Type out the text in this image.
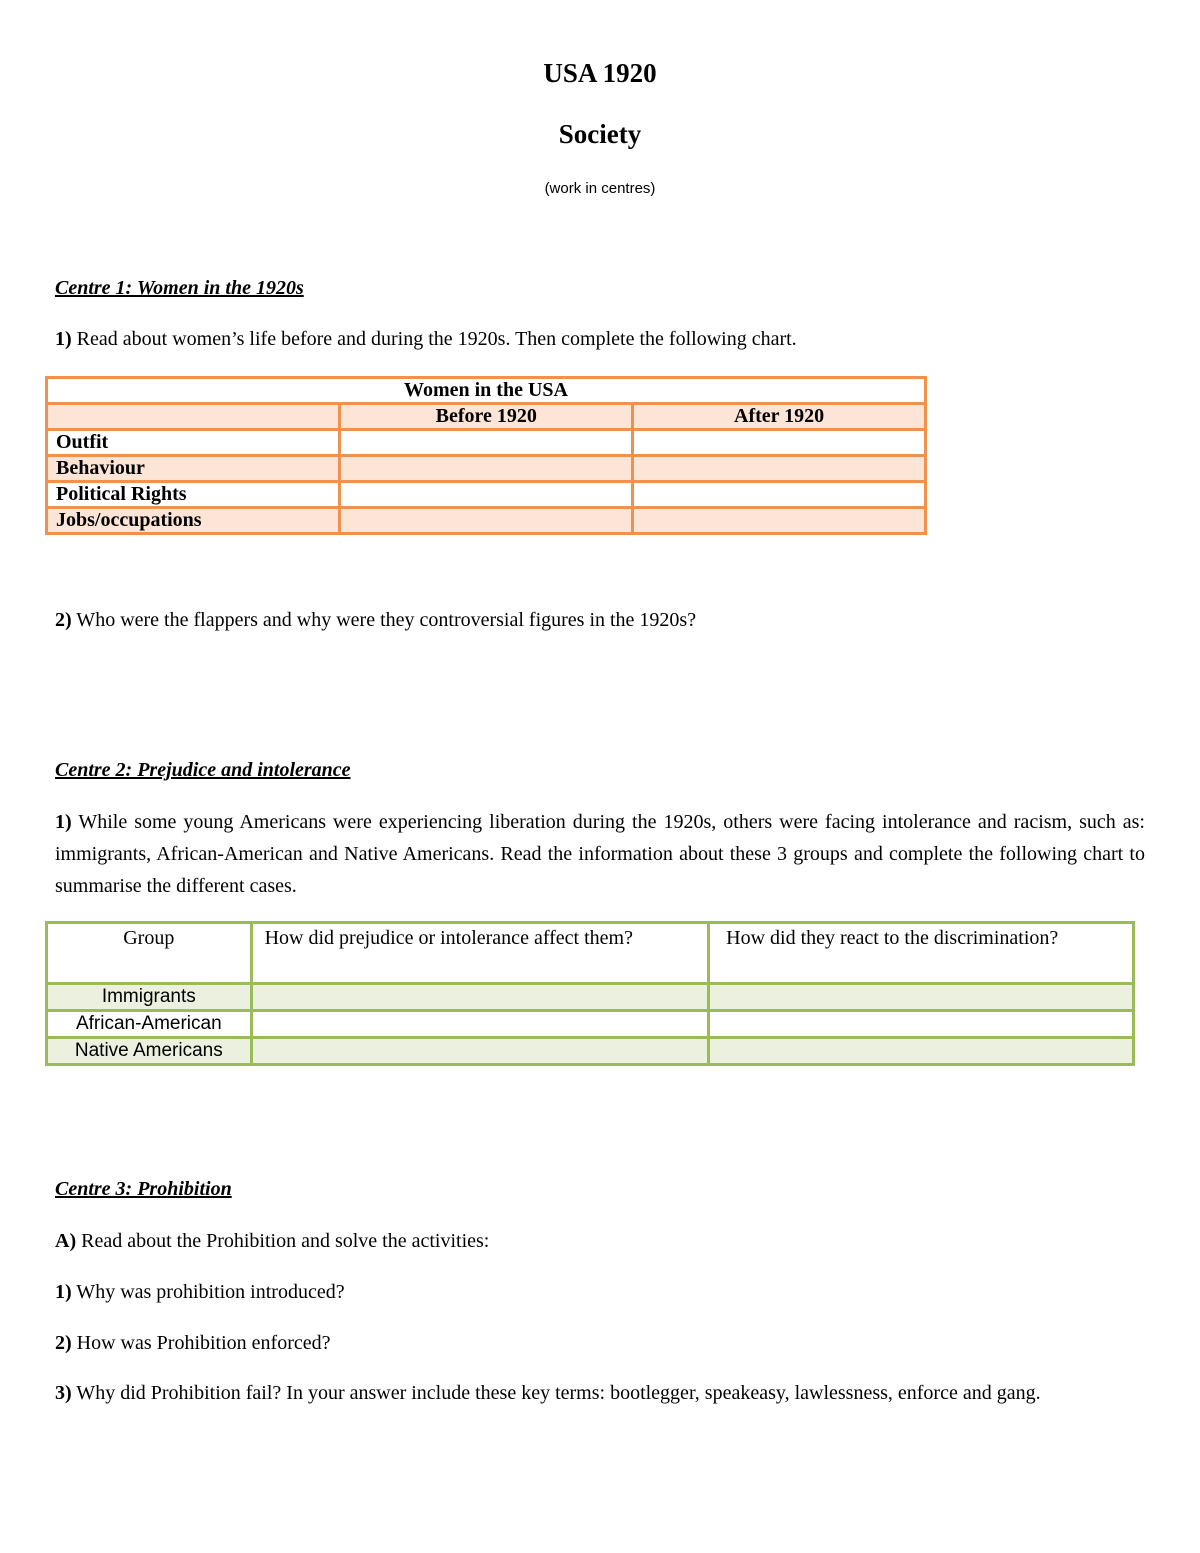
USA 1920
Society
(work in centres)
Centre 1: Women in the 1920s
1) Read about women’s life before and during the 1920s. Then complete the following chart.
Women in the USA		
	Before 1920	After 1920
Outfit		
Behaviour		
Political Rights		
Jobs/occupations		
2) Who were the flappers and why were they controversial figures in the 1920s?
Centre 2: Prejudice and intolerance
1) While some young Americans were experiencing liberation during the 1920s, others were facing intolerance and racism, such as: immigrants, African-American and Native Americans. Read the information about these 3 groups and complete the following chart to summarise the different cases.
Group	How did prejudice or intolerance affect them?	How did they react to the discrimination?
Immigrants		
African-American		
Native Americans		
Centre 3: Prohibition
A) Read about the Prohibition and solve the activities:
1) Why was prohibition introduced?
2) How was Prohibition enforced?
3) Why did Prohibition fail? In your answer include these key terms: bootlegger, speakeasy, lawlessness, enforce and gang.
